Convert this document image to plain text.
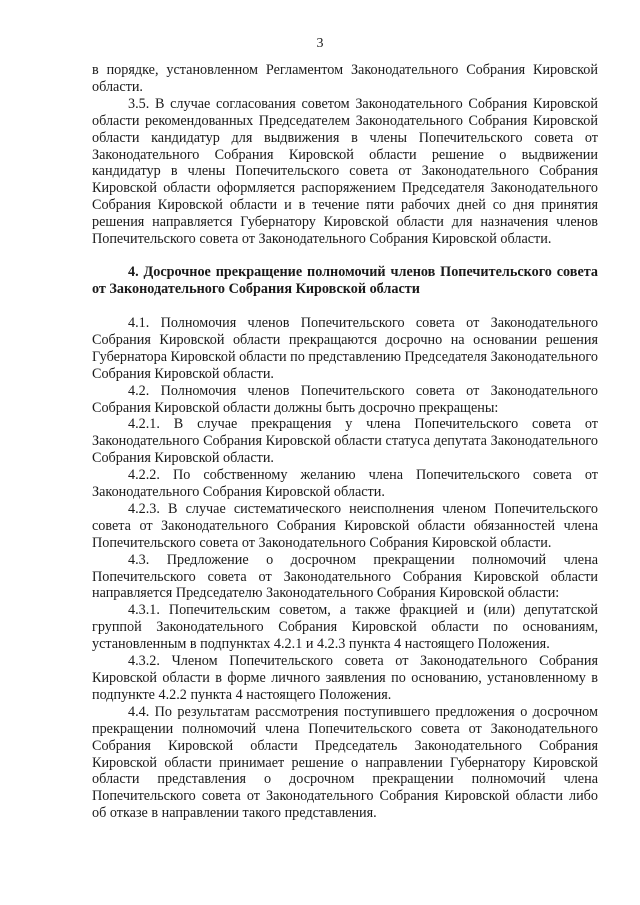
3

в порядке, установленном Регламентом Законодательного Собрания Кировской области.

3.5. В случае согласования советом Законодательного Собрания Кировской области рекомендованных Председателем Законодательного Собрания Кировской области кандидатур для выдвижения в члены Попечительского совета от Законодательного Собрания Кировской области решение о выдвижении кандидатур в члены Попечительского совета от Законодательного Собрания Кировской области оформляется распоряжением Председателя Законодательного Собрания Кировской области и в течение пяти рабочих дней со дня принятия решения направляется Губернатору Кировской области для назначения членов Попечительского совета от Законодательного Собрания Кировской области.

4. Досрочное прекращение полномочий членов Попечительского совета от Законодательного Собрания Кировской области

4.1. Полномочия членов Попечительского совета от Законодательного Собрания Кировской области прекращаются досрочно на основании решения Губернатора Кировской области по представлению Председателя Законодательного Собрания Кировской области.

4.2. Полномочия членов Попечительского совета от Законодательного Собрания Кировской области должны быть досрочно прекращены:

4.2.1. В случае прекращения у члена Попечительского совета от Законодательного Собрания Кировской области статуса депутата Законодательного Собрания Кировской области.

4.2.2. По собственному желанию члена Попечительского совета от Законодательного Собрания Кировской области.

4.2.3. В случае систематического неисполнения членом Попечительского совета от Законодательного Собрания Кировской области обязанностей члена Попечительского совета от Законодательного Собрания Кировской области.

4.3. Предложение о досрочном прекращении полномочий члена Попечительского совета от Законодательного Собрания Кировской области направляется Председателю Законодательного Собрания Кировской области:

4.3.1. Попечительским советом, а также фракцией и (или) депутатской группой Законодательного Собрания Кировской области по основаниям, установленным в подпунктах 4.2.1 и 4.2.3 пункта 4 настоящего Положения.

4.3.2. Членом Попечительского совета от Законодательного Собрания Кировской области в форме личного заявления по основанию, установленному в подпункте 4.2.2 пункта 4 настоящего Положения.

4.4. По результатам рассмотрения поступившего предложения о досрочном прекращении полномочий члена Попечительского совета от Законодательного Собрания Кировской области Председатель Законодательного Собрания Кировской области принимает решение о направлении Губернатору Кировской области представления о досрочном прекращении полномочий члена Попечительского совета от Законодательного Собрания Кировской области либо об отказе в направлении такого представления.
